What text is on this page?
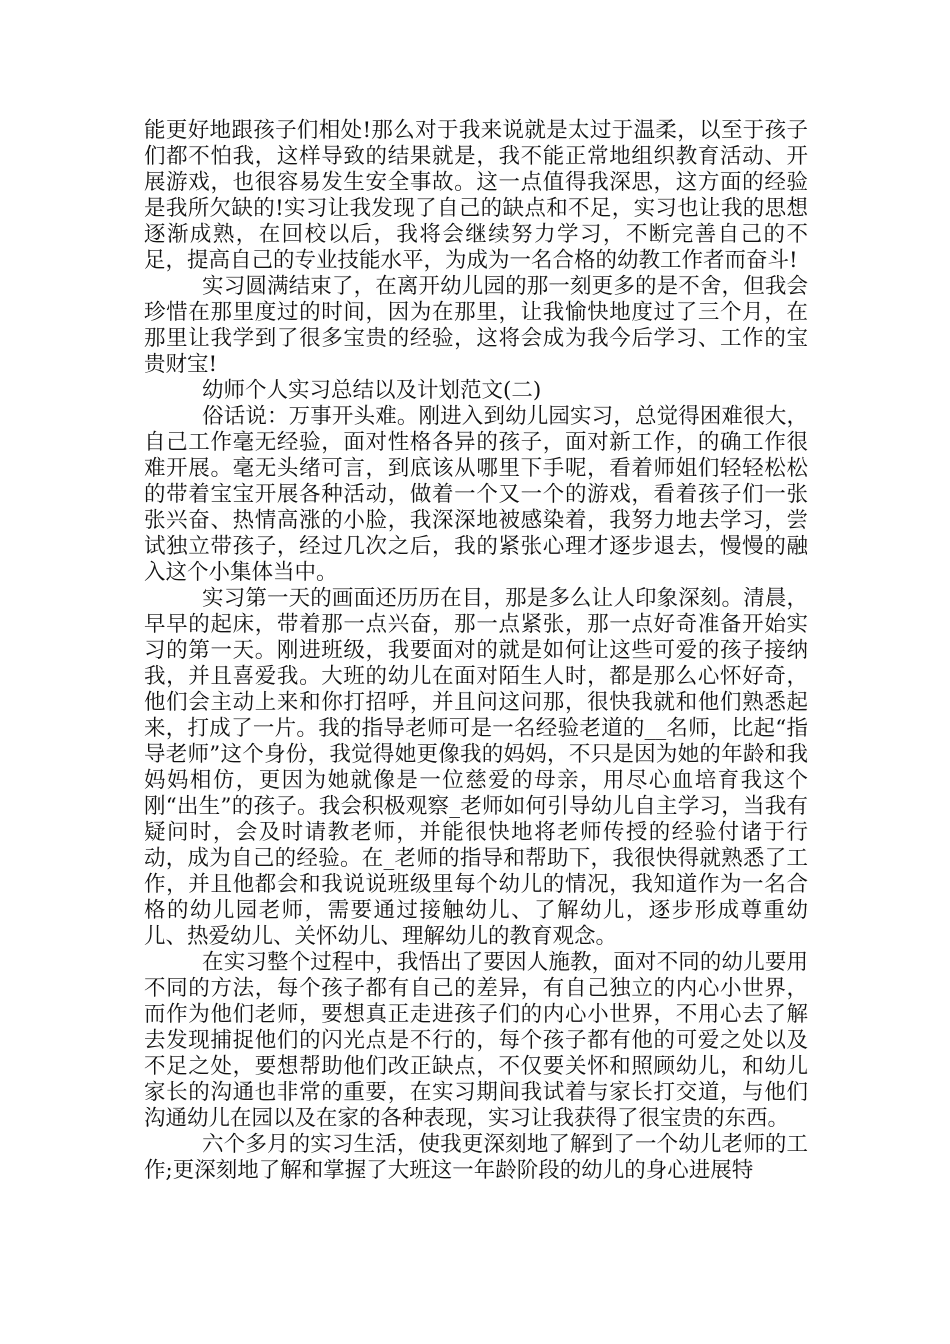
能更好地跟孩子们相处!那么对于我来说就是太过于温柔，以至于孩子们都不怕我，这样导致的结果就是，我不能正常地组织教育活动、开展游戏，也很容易发生安全事故。这一点值得我深思，这方面的经验是我所欠缺的!实习让我发现了自己的缺点和不足，实习也让我的思想逐渐成熟，在回校以后，我将会继续努力学习，不断完善自己的不足，提高自己的专业技能水平，为成为一名合格的幼教工作者而奋斗!

实习圆满结束了，在离开幼儿园的那一刻更多的是不舍，但我会珍惜在那里度过的时间，因为在那里，让我愉快地度过了三个月，在那里让我学到了很多宝贵的经验，这将会成为我今后学习、工作的宝贵财宝!

幼师个人实习总结以及计划范文(二)

俗话说：万事开头难。刚进入到幼儿园实习，总觉得困难很大，自己工作毫无经验，面对性格各异的孩子，面对新工作，的确工作很难开展。毫无头绪可言，到底该从哪里下手呢，看着师姐们轻轻松松的带着宝宝开展各种活动，做着一个又一个的游戏，看着孩子们一张张兴奋、热情高涨的小脸，我深深地被感染着，我努力地去学习，尝试独立带孩子，经过几次之后，我的紧张心理才逐步退去，慢慢的融入这个小集体当中。

实习第一天的画面还历历在目，那是多么让人印象深刻。清晨，早早的起床，带着那一点兴奋，那一点紧张，那一点好奇准备开始实习的第一天。刚进班级，我要面对的就是如何让这些可爱的孩子接纳我，并且喜爱我。大班的幼儿在面对陌生人时，都是那么心怀好奇，他们会主动上来和你打招呼，并且问这问那，很快我就和他们熟悉起来，打成了一片。我的指导老师可是一名经验老道的__名师，比起“指导老师”这个身份，我觉得她更像我的妈妈，不只是因为她的年龄和我妈妈相仿，更因为她就像是一位慈爱的母亲，用尽心血培育我这个刚“出生”的孩子。我会积极观察_老师如何引导幼儿自主学习，当我有疑问时，会及时请教老师，并能很快地将老师传授的经验付诸于行动，成为自己的经验。在_老师的指导和帮助下，我很快得就熟悉了工作，并且他都会和我说说班级里每个幼儿的情况，我知道作为一名合格的幼儿园老师，需要通过接触幼儿、了解幼儿，逐步形成尊重幼儿、热爱幼儿、关怀幼儿、理解幼儿的教育观念。

在实习整个过程中，我悟出了要因人施教，面对不同的幼儿要用不同的方法，每个孩子都有自己的差异，有自己独立的内心小世界，而作为他们老师，要想真正走进孩子们的内心小世界，不用心去了解去发现捕捉他们的闪光点是不行的，每个孩子都有他的可爱之处以及不足之处，要想帮助他们改正缺点，不仅要关怀和照顾幼儿，和幼儿家长的沟通也非常的重要，在实习期间我试着与家长打交道，与他们沟通幼儿在园以及在家的各种表现，实习让我获得了很宝贵的东西。

六个多月的实习生活，使我更深刻地了解到了一个幼儿老师的工作;更深刻地了解和掌握了大班这一年龄阶段的幼儿的身心进展特
